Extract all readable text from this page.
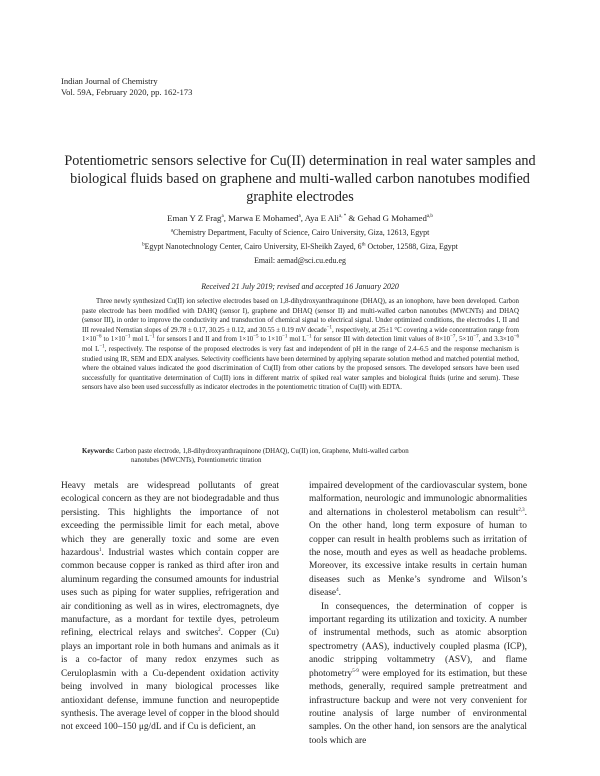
Indian Journal of Chemistry
Vol. 59A, February 2020, pp. 162-173
Potentiometric sensors selective for Cu(II) determination in real water samples and biological fluids based on graphene and multi-walled carbon nanotubes modified graphite electrodes
Eman Y Z Frag$^a$, Marwa E Mohamed$^a$, Aya E Ali$^{a, *}$ & Gehad G Mohamed$^{a,b}$
$^a$Chemistry Department, Faculty of Science, Cairo University, Giza, 12613, Egypt
$^b$Egypt Nanotechnology Center, Cairo University, El-Sheikh Zayed, 6th October, 12588, Giza, Egypt
Email: aemad@sci.cu.edu.eg
Received 21 July 2019; revised and accepted 16 January 2020
Three newly synthesized Cu(II) ion selective electrodes based on 1,8-dihydroxyanthraquinone (DHAQ), as an ionophore, have been developed. Carbon paste electrode has been modified with DAHQ (sensor I), graphene and DHAQ (sensor II) and multi-walled carbon nanotubes (MWCNTs) and DHAQ (sensor III), in order to improve the conductivity and transduction of chemical signal to electrical signal. Under optimized conditions, the electrodes I, II and III revealed Nernstian slopes of 29.78 ± 0.17, 30.25 ± 0.12, and 30.55 ± 0.19 mV decade$^{-1}$, respectively, at 25±1 °C covering a wide concentration range from $1\times 10^{-6}$ to $1\times 10^{-1}$ mol $L^{-1}$ for sensors I and II and from $1\times 10^{-5}$ to $1\times 10^{-1}$ mol $L^{-1}$ for sensor III with detection limit values of $8\times 10^{-7}$, $5\times 10^{-7}$, and $3.3\times 10^{-6}$ mol $L^{-1}$, respectively. The response of the proposed electrodes is very fast and independent of pH in the range of 2.4–6.5 and the response mechanism is studied using IR, SEM and EDX analyses. Selectivity coefficients have been determined by applying separate solution method and matched potential method, where the obtained values indicated the good discrimination of Cu(II) from other cations by the proposed sensors. The developed sensors have been used successfully for quantitative determination of Cu(II) ions in different matrix of spiked real water samples and biological fluids (urine and serum). These sensors have also been used successfully as indicator electrodes in the potentiometric titration of Cu(II) with EDTA.
Keywords: Carbon paste electrode, 1,8-dihydroxyanthraquinone (DHAQ), Cu(II) ion, Graphene, Multi-walled carbon
nanotubes (MWCNTs), Potentiometric titration

Heavy metals are widespread pollutants of great ecological concern as they are not biodegradable and thus persisting. This highlights the importance of not exceeding the permissible limit for each metal, above which they are generally toxic and some are even hazardous$^1$. Industrial wastes which contain copper are common because copper is ranked as third after iron and aluminum regarding the consumed amounts for industrial uses such as piping for water supplies, refrigeration and air conditioning as well as in wires, electromagnets, dye manufacture, as a mordant for textile dyes, petroleum refining, electrical relays and switches$^2$. Copper (Cu) plays an important role in both humans and animals as it is a co-factor of many redox enzymes such as Ceruloplasmin with a Cu-dependent oxidation activity being involved in many biological processes like antioxidant defense, immune function and neuropeptide synthesis. The average level of copper in the blood should not exceed 100–150 μg/dL and if Cu is deficient, an

impaired development of the cardiovascular system, bone malformation, neurologic and immunologic abnormalities and alternations in cholesterol metabolism can result$^{2,3}$. On the other hand, long term exposure of human to copper can result in health problems such as irritation of the nose, mouth and eyes as well as headache problems. Moreover, its excessive intake results in certain human diseases such as Menke’s syndrome and Wilson’s disease$^4$.

In consequences, the determination of copper is important regarding its utilization and toxicity. A number of instrumental methods, such as atomic absorption spectrometry (AAS), inductively coupled plasma (ICP), anodic stripping voltammetry (ASV), and flame photometry$^{5-9}$ were employed for its estimation, but these methods, generally, required sample pretreatment and infrastructure backup and were not very convenient for routine analysis of large number of environmental samples. On the other hand, ion sensors are the analytical tools which are
